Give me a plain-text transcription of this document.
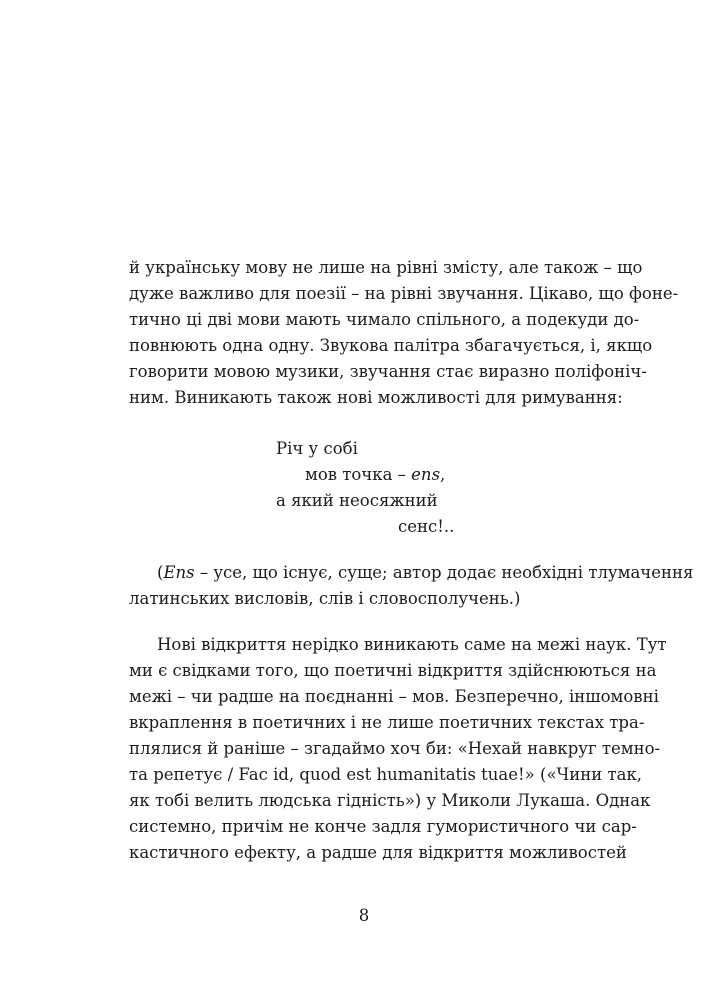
й українську мову не лише на рівні змісту, але також – що
дуже важливо для поезії – на рівні звучання. Цікаво, що фоне-
тично ці дві мови мають чимало спільного, а подекуди до-
повнюють одна одну. Звукова палітра збагачується, і, якщо
говорити мовою музики, звучання стає виразно поліфоніч-
ним. Виникають також нові можливості для римування:
Річ у собі
мов точка – ens,
а який неосяжний
сенс!..
(Ens – усе, що існує, суще; автор додає необхідні тлумачення
латинських висловів, слів і словосполучень.)
Нові відкриття нерідко виникають саме на межі наук. Тут
ми є свідками того, що поетичні відкриття здійснюються на
межі – чи радше на поєднанні – мов. Безперечно, іншомовні
вкраплення в поетичних і не лише поетичних текстах тра-
плялися й раніше – згадаймо хоч би: «Нехай навкруг темно-
та репетує / Fac id, quod est humanitatis tuae!» («Чини так,
як тобі велить людська гідність») у Миколи Лукаша. Однак
системно, причім не конче задля гумористичного чи сар-
кастичного ефекту, а радше для відкриття можливостей
8
